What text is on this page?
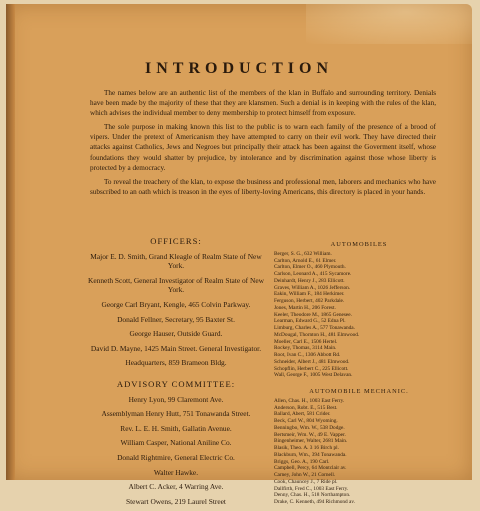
INTRODUCTION

The names below are an authentic list of the members of the klan in Buffalo and surrounding territory. Denials have been made by the majority of these that they are klansmen. Such a denial is in keeping with the rules of the klan, which advises the individual member to deny membership to protect himself from exposure.

The sole purpose in making known this list to the public is to warn each family of the presence of a brood of vipers. Under the pretext of Americanism they have attempted to carry on their evil work. They have directed their attacks against Catholics, Jews and Negroes but principally their attack has been against the Goverment itself, whose foundations they would shatter by prejudice, by intolerance and by discrimination against those whose liberty is protected by a democracy.

To reveal the treachery of the klan, to expose the business and professional men, laborers and mechanics who have subscribed to an oath which is treason in the eyes of liberty-loving Americans, this directory is placed in your hands.

OFFICERS:
Major E. D. Smith, Grand Kleagle of Realm State of New York.
Kenneth Scott, General Investigator of Realm State of New York.
George Carl Bryant, Kengle, 465 Colvin Parkway.
Donald Fellner, Secretary, 95 Baxter St.
George Hauser, Outside Guard.
David D. Mayne, 1425 Main Street. General Investigator.
Headquarters, 859 Brameon Bldg.
ADVISORY COMMITTEE:
Henry Lyon, 99 Claremont Ave.
Assemblyman Henry Hutt, 751 Tonawanda Street.
Rev. L. E. H. Smith, Gallatin Avenue.
William Casper, National Aniline Co.
Donald Rightmire, General Electric Co.
Walter Hawke.
Albert C. Acker, 4 Warring Ave.
Stewart Owens, 219 Laurel Street
AUTOMOBILES
Berger, S. G., 632 William.
Carlton, Arnold E., 61 Elmer.
Carlton, Elmer O., 460 Plymouth.
Carlson, Leonard A., 415 Sycamore.
Deinhardt, Henry J., 283 Ellicott.
Graves, William A., 1026 Jefferson.
Eakin, William F., 184 Herkimer.
Ferguson, Herbert, 402 Parkdale.
Jones, Martin H., 206 Forest.
Keeler, Theodore M., 1865 Genesee.
Learman, Edward G., 52 Edna Pl.
Limburg, Charles A., 577 Tonawanda.
McDougal, Thornton H., 481 Elmwood.
Moeller, Carl E., 1506 Hertel.
Rockey, Thomas, 3114 Main.
Root, Ivan C., 1306 Abbott Rd.
Schneider, Albert J., 481 Elmwood.
Schopflin, Herbert C., 225 Ellicott.
Wall, George F., 1005 West Delavan.
AUTOMOBILE MECHANIC.
Allen, Chas. H., 1003 East Ferry.
Anderson, Robt. E., 515 Best.
Ballard, Abert, 581 Crider.
Beck, Carl W., 804 Wyoming.
Benningbo, Wm. W., 538 Dodge.
Bertsmeir, Wm. W., 49 E. Vapper.
Bingenheimer, Walter, 2681 Main.
Blasik, Theo. A. 3 16 Birch pl.
Blackburn, Wm., 394 Tonawanda.
Briggs, Geo. A., 190 Carl.
Campbell, Percy, 64 Montclair av.
Carney, John W., 21 Cornell.
Cook, Chauncey J., 7 Ride pl.
Dallfirth, Fred C., 1003 East Ferry.
Denny, Chas. H., 518 Northampton.
Drake, C. Kenneth, 494 Richmond av.
